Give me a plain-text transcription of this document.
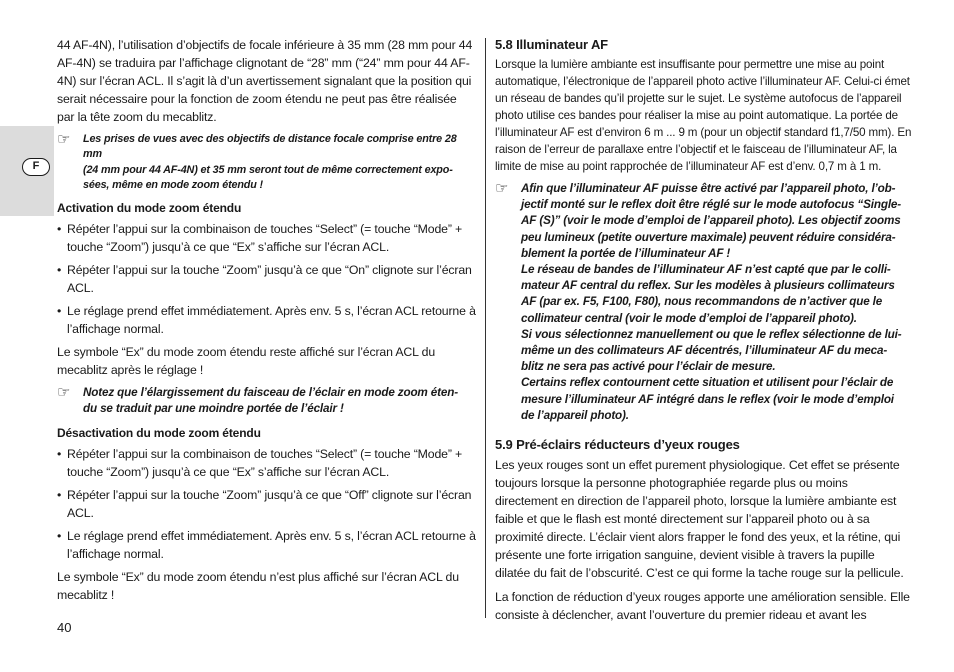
F

44 AF-4N), l’utilisation d’objectifs de focale inférieure à 35 mm (28 mm pour 44 AF-4N) se traduira par l’affichage clignotant de “28” mm (“24” mm pour 44 AF-4N) sur l’écran ACL. Il s’agit là d’un avertissement signalant que la position qui serait nécessaire pour la fonction de zoom étendu ne peut pas être réalisée par la tête zoom du mecablitz.

☞ Les prises de vues avec des objectifs de distance focale comprise entre 28 mm
(24 mm pour 44 AF-4N) et 35 mm seront tout de même correctement expo-
sées, même en mode zoom étendu !
Activation du mode zoom étendu
• Répéter l’appui sur la combinaison de touches “Select” (= touche “Mode” + touche “Zoom”) jusqu’à ce que “Ex” s’affiche sur l’écran ACL.
• Répéter l’appui sur la touche “Zoom” jusqu’à ce que “On” clignote sur l’écran ACL.
• Le réglage prend effet immédiatement. Après env. 5 s, l’écran ACL retourne à l’affichage normal.

Le symbole “Ex” du mode zoom étendu reste affiché sur l’écran ACL du mecablitz après le réglage !

☞ Notez que l’élargissement du faisceau de l’éclair en mode zoom éten-
du se traduit par une moindre portée de l’éclair !
Désactivation du mode zoom étendu
• Répéter l’appui sur la combinaison de touches “Select” (= touche “Mode” + touche “Zoom”) jusqu’à ce que “Ex” s’affiche sur l’écran ACL.
• Répéter l’appui sur la touche “Zoom” jusqu’à ce que “Off” clignote sur l’écran ACL.
• Le réglage prend effet immédiatement. Après env. 5 s, l’écran ACL retourne à l’affichage normal.

Le symbole “Ex” du mode zoom étendu n’est plus affiché sur l’écran ACL du mecablitz !

5.8 Illuminateur AF

Lorsque la lumière ambiante est insuffisante pour permettre une mise au point automatique, l’électronique de l’appareil photo active l’illuminateur AF. Celui-ci émet un réseau de bandes qu’il projette sur le sujet. Le système autofocus de l’appareil photo utilise ces bandes pour réaliser la mise au point automatique. La portée de l’illuminateur AF est d’environ 6 m ... 9 m (pour un objectif standard f1,7/50 mm). En raison de l’erreur de parallaxe entre l’objectif et le faisceau de l’illuminateur AF, la limite de mise au point rapprochée de l’illuminateur AF est d’env. 0,7 m à 1 m.

☞ Afin que l’illuminateur AF puisse être activé par l’appareil photo, l’ob-
jectif monté sur le reflex doit être réglé sur le mode autofocus “Single-
AF (S)” (voir le mode d’emploi de l’appareil photo). Les objectif zooms
peu lumineux (petite ouverture maximale) peuvent réduire considéra-
blement la portée de l’illuminateur AF !
Le réseau de bandes de l’illuminateur AF n’est capté que par le colli-
mateur AF central du reflex. Sur les modèles à plusieurs collimateurs
AF (par ex. F5, F100, F80), nous recommandons de n’activer que le
collimateur central (voir le mode d’emploi de l’appareil photo).
Si vous sélectionnez manuellement ou que le reflex sélectionne de lui-
même un des collimateurs AF décentrés, l’illuminateur AF du meca-
blitz ne sera pas activé pour l’éclair de mesure.
Certains reflex contournent cette situation et utilisent pour l’éclair de
mesure l’illuminateur AF intégré dans le reflex (voir le mode d’emploi
de l’appareil photo).
5.9 Pré-éclairs réducteurs d’yeux rouges

Les yeux rouges sont un effet purement physiologique. Cet effet se présente toujours lorsque la personne photographiée regarde plus ou moins directement en direction de l’appareil photo, lorsque la lumière ambiante est faible et que le flash est monté directement sur l’appareil photo ou à sa proximité directe. L’éclair vient alors frapper le fond des yeux, et la rétine, qui présente une forte irrigation sanguine, devient visible à travers la pupille dilatée du fait de l’obscurité. C’est ce qui forme la tache rouge sur la pellicule.

La fonction de réduction d’yeux rouges apporte une amélioration sensible. Elle consiste à déclencher, avant l’ouverture du premier rideau et avant les

40
